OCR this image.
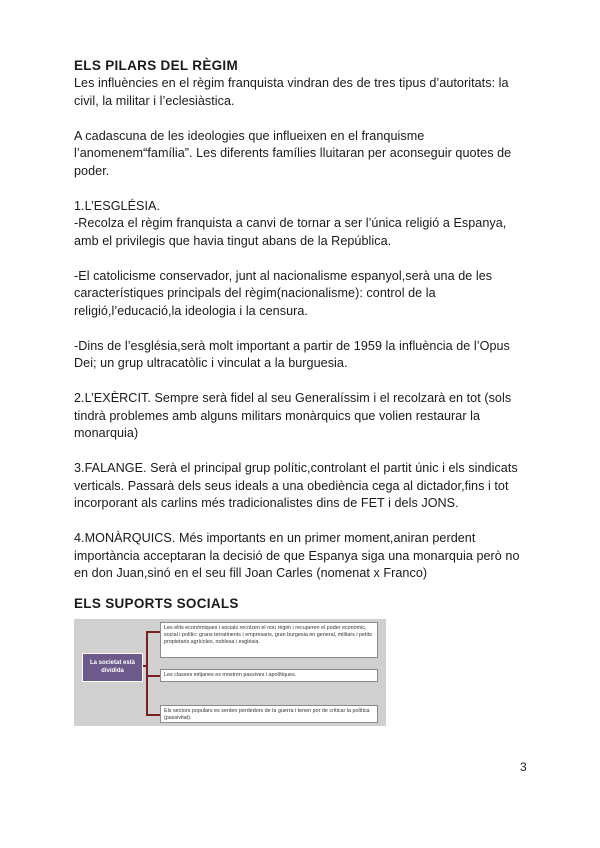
ELS PILARS DEL RÈGIM

Les influències en el règim franquista vindran des de tres tipus d’autoritats: la civil, la militar i l’eclesiàstica.

A cadascuna de les ideologies que influeixen en el franquisme l’anomenem“família”. Les diferents famílies lluitaran per aconseguir quotes de poder.

1.L’ESGLÉSIA.

-Recolza el règim franquista a canvi de tornar a ser l’única religió a Espanya, amb el privilegis que havia tingut abans de la República.

-El catolicisme conservador, junt al nacionalisme espanyol,serà una de les característiques principals del règim(nacionalisme): control de la religió,l’educació,la ideologia i la censura.

-Dins de l’església,serà molt important a partir de 1959 la influència de l’Opus Dei; un grup ultracatòlic i vinculat a la burguesia.

2.L’EXÈRCIT. Sempre serà fidel al seu Generalíssim i el recolzarà en tot (sols tindrà problemes amb alguns militars monàrquics que volien restaurar la monarquia)

3.FALANGE. Serà el principal grup polític,controlant el partit únic i els sindicats verticals. Passarà dels seus ideals a una obediència cega al dictador,fins i tot incorporant als carlins més tradicionalistes dins de FET i dels JONS.

4.MONÀRQUICS. Més importants en un primer moment,aniran perdent importància acceptaran la decisió de que Espanya siga una monarquia però no en don Juan,sinó en el seu fill Joan Carles (nomenat x Franco)

ELS SUPORTS SOCIALS
La societat està dividida
Les elits econòmiques i socials recolzen el nou règim i recuperen el poder econòmic, social i polític: grans terratinents i empresaris, gran burgesia en general, militars i petits propietaris agrícoles, noblesa i església.
Les classes mitjanes es mostren passives i apolítiques.
Els sectors populars es senten perdedors de la guerra i tenen por de criticar la política (passivitat).
3
